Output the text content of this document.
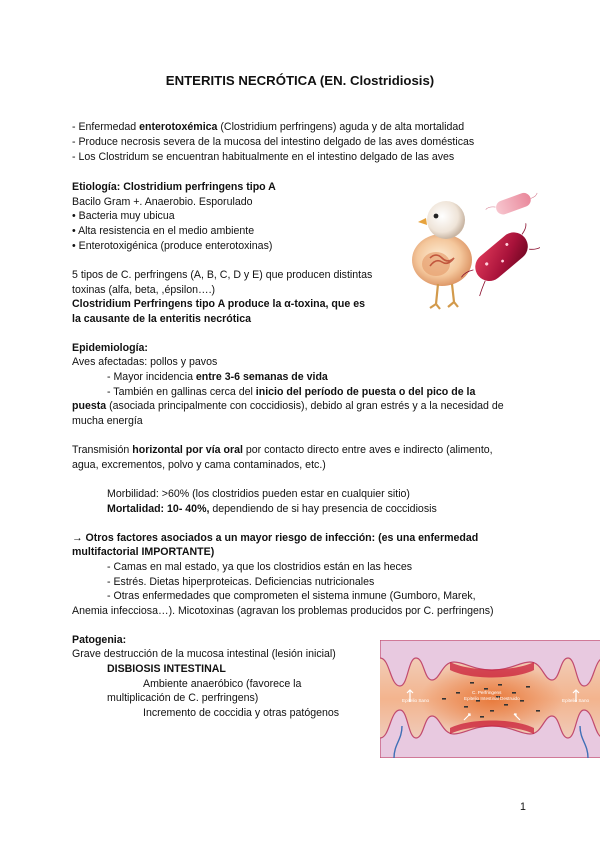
ENTERITIS NECRÓTICA (EN. Clostridiosis)
- Enfermedad enterotoxémica (Clostridium perfringens) aguda y de alta mortalidad
- Produce necrosis severa de la mucosa del intestino delgado de las aves domésticas
- Los Clostridum se encuentran habitualmente en el intestino delgado de las aves
Etiología: Clostridium perfringens tipo A
Bacilo Gram +. Anaerobio. Esporulado
• Bacteria muy ubicua
• Alta resistencia en el medio ambiente
• Enterotoxigénica (produce enterotoxinas)
5 tipos de C. perfringens (A, B, C, D y E) que producen distintas
toxinas (alfa, beta, ,épsilon….)
Clostridium Perfringens tipo A produce la α-toxina, que es
la causante de la enteritis necrótica
Epidemiología:
Aves afectadas: pollos y pavos
- Mayor incidencia entre 3-6 semanas de vida
- También en gallinas cerca del inicio del período de puesta o del pico de la
puesta (asociada principalmente con coccidiosis), debido al gran estrés y a la necesidad de
mucha energía
Transmisión horizontal por vía oral por contacto directo entre aves e indirecto (alimento,
agua, excrementos, polvo y cama contaminados, etc.)
Morbilidad: >60% (los clostridios pueden estar en cualquier sitio)
Mortalidad: 10- 40%, dependiendo de si hay presencia de coccidiosis
→ Otros factores asociados a un mayor riesgo de infección: (es una enfermedad
multifactorial IMPORTANTE)
- Camas en mal estado, ya que los clostridios están en las heces
- Estrés. Dietas hiperproteicas. Deficiencias nutricionales
- Otras enfermedades que comprometen el sistema inmune (Gumboro, Marek,
Anemia infecciosa…). Micotoxinas (agravan los problemas producidos por C. perfringens)
Patogenia:
Grave destrucción de la mucosa intestinal (lesión inicial)
DISBIOSIS INTESTINAL
Ambiente anaeróbico (favorece la
multiplicación de C. perfringens)
Incremento de coccidia y otras patógenos
Epitelio Sano
C. Perfringens
Epitelio Intestinal Destruido	Epitelio Sano
1
